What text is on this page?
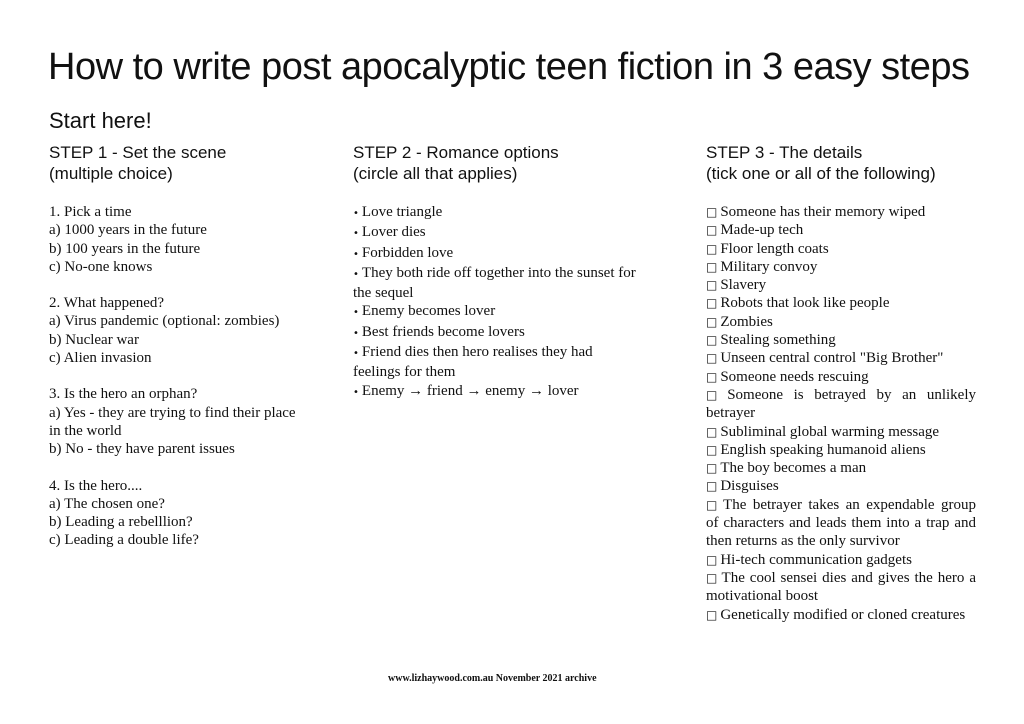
How to write post apocalyptic teen fiction in 3 easy steps
Start here!
STEP 1 - Set the scene
(multiple choice)
1. Pick a time
a) 1000 years in the future
b) 100 years in the future
c) No-one knows
2. What happened?
a) Virus pandemic (optional: zombies)
b) Nuclear war
c) Alien invasion
3. Is the hero an orphan?
a) Yes - they are trying to find their place in the world
b) No - they have parent issues
4. Is the hero....
a) The chosen one?
b) Leading a rebelllion?
c) Leading a double life?
STEP 2 - Romance options
(circle all that applies)
• Love triangle
• Lover dies
• Forbidden love
• They both ride off together into the sunset for the sequel
• Enemy becomes lover
• Best friends become lovers
• Friend dies then hero realises they had feelings for them
• Enemy → friend → enemy → lover
STEP 3 - The details
(tick one or all of the following)
□ Someone has their memory wiped
□ Made-up tech
□ Floor length coats
□ Military convoy
□ Slavery
□ Robots that look like people
□ Zombies
□ Stealing something
□ Unseen central control "Big Brother"
□ Someone needs rescuing
□ Someone is betrayed by an unlikely betrayer
□ Subliminal global warming message
□ English speaking humanoid aliens
□ The boy becomes a man
□ Disguises
□ The betrayer takes an expendable group of characters and leads them into a trap and then returns as the only survivor
□ Hi-tech communication gadgets
□ The cool sensei dies and gives the hero a motivational boost
□ Genetically modified or cloned creatures
www.lizhaywood.com.au November 2021 archive
